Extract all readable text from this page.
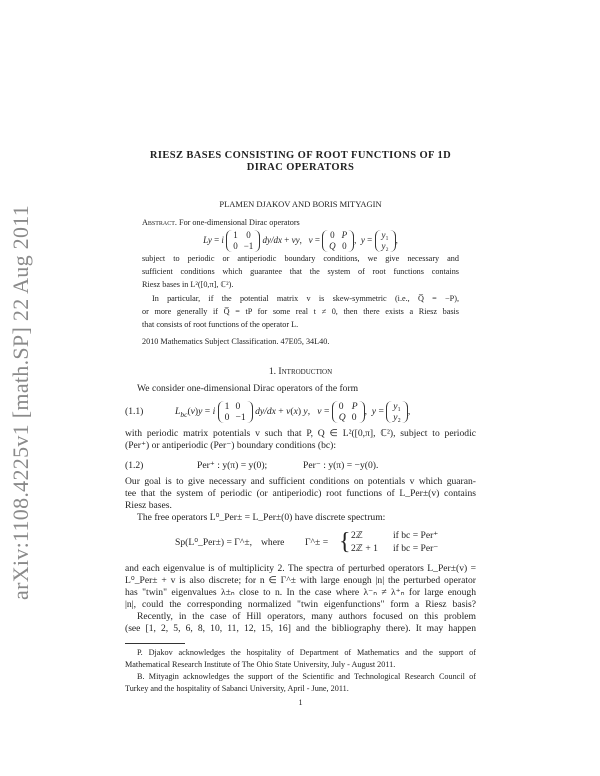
arXiv:1108.4225v1 [math.SP] 22 Aug 2011
RIESZ BASES CONSISTING OF ROOT FUNCTIONS OF 1D
DIRAC OPERATORS
PLAMEN DJAKOV AND BORIS MITYAGIN
Abstract. For one-dimensional Dirac operators
Ly = i
1	0
0	−1
dy/dx + vy,   v =
0	P
Q	0
,  y =
y₁
y₂
,
subject to periodic or antiperiodic boundary conditions, we give necessary and
sufficient conditions which guarantee that the system of root functions contains
Riesz bases in L²([0,π], ℂ²).
In particular, if the potential matrix v is skew-symmetric (i.e., Q̅ = −P),
or more generally if Q̅ = tP for some real t ≠ 0, then there exists a Riesz basis
that consists of root functions of the operator L.
2010 Mathematics Subject Classification. 47E05, 34L40.
1. Introduction
We consider one-dimensional Dirac operators of the form
(1.1)	$L_{bc}(v)y = i$ 1	0
0	−1
dy/dx + v(x) y,   v = 0	P
Q	0
,  y = y₁
y₂
,
with periodic matrix potentials v such that P, Q ∈ L²([0,π], ℂ²), subject to periodic
(Per⁺) or antiperiodic (Per⁻) boundary conditions (bc):
(1.2)	Per⁺ : y(π) = y(0);	Per⁻ : y(π) = −y(0).
Our goal is to give necessary and sufficient conditions on potentials v which guaran-
tee that the system of periodic (or antiperiodic) root functions of L_Per±(v) contains
Riesz bases.
The free operators L⁰_Per± = L_Per±(0) have discrete spectrum:
Sp(L⁰_Per±) = Γ^±, where Γ^± = { 2ℤ	if bc = Per⁺
2ℤ + 1 if bc = Per⁻
and each eigenvalue is of multiplicity 2. The spectra of perturbed operators L_Per±(v) =
L⁰_Per± + v is also discrete; for n ∈ Γ^± with large enough |n| the perturbed operator
has "twin" eigenvalues λ±ₙ close to n. In the case where λ⁻ₙ ≠ λ⁺ₙ for large enough
|n|, could the corresponding normalized "twin eigenfunctions" form a Riesz basis?
Recently, in the case of Hill operators, many authors focused on this problem
(see [1, 2, 5, 6, 8, 10, 11, 12, 15, 16] and the bibliography there). It may happen
P. Djakov acknowledges the hospitality of Department of Mathematics and the support of
Mathematical Research Institute of The Ohio State University, July - August 2011.
B. Mityagin acknowledges the support of the Scientific and Technological Research Council of
Turkey and the hospitality of Sabanci University, April - June, 2011.
1
